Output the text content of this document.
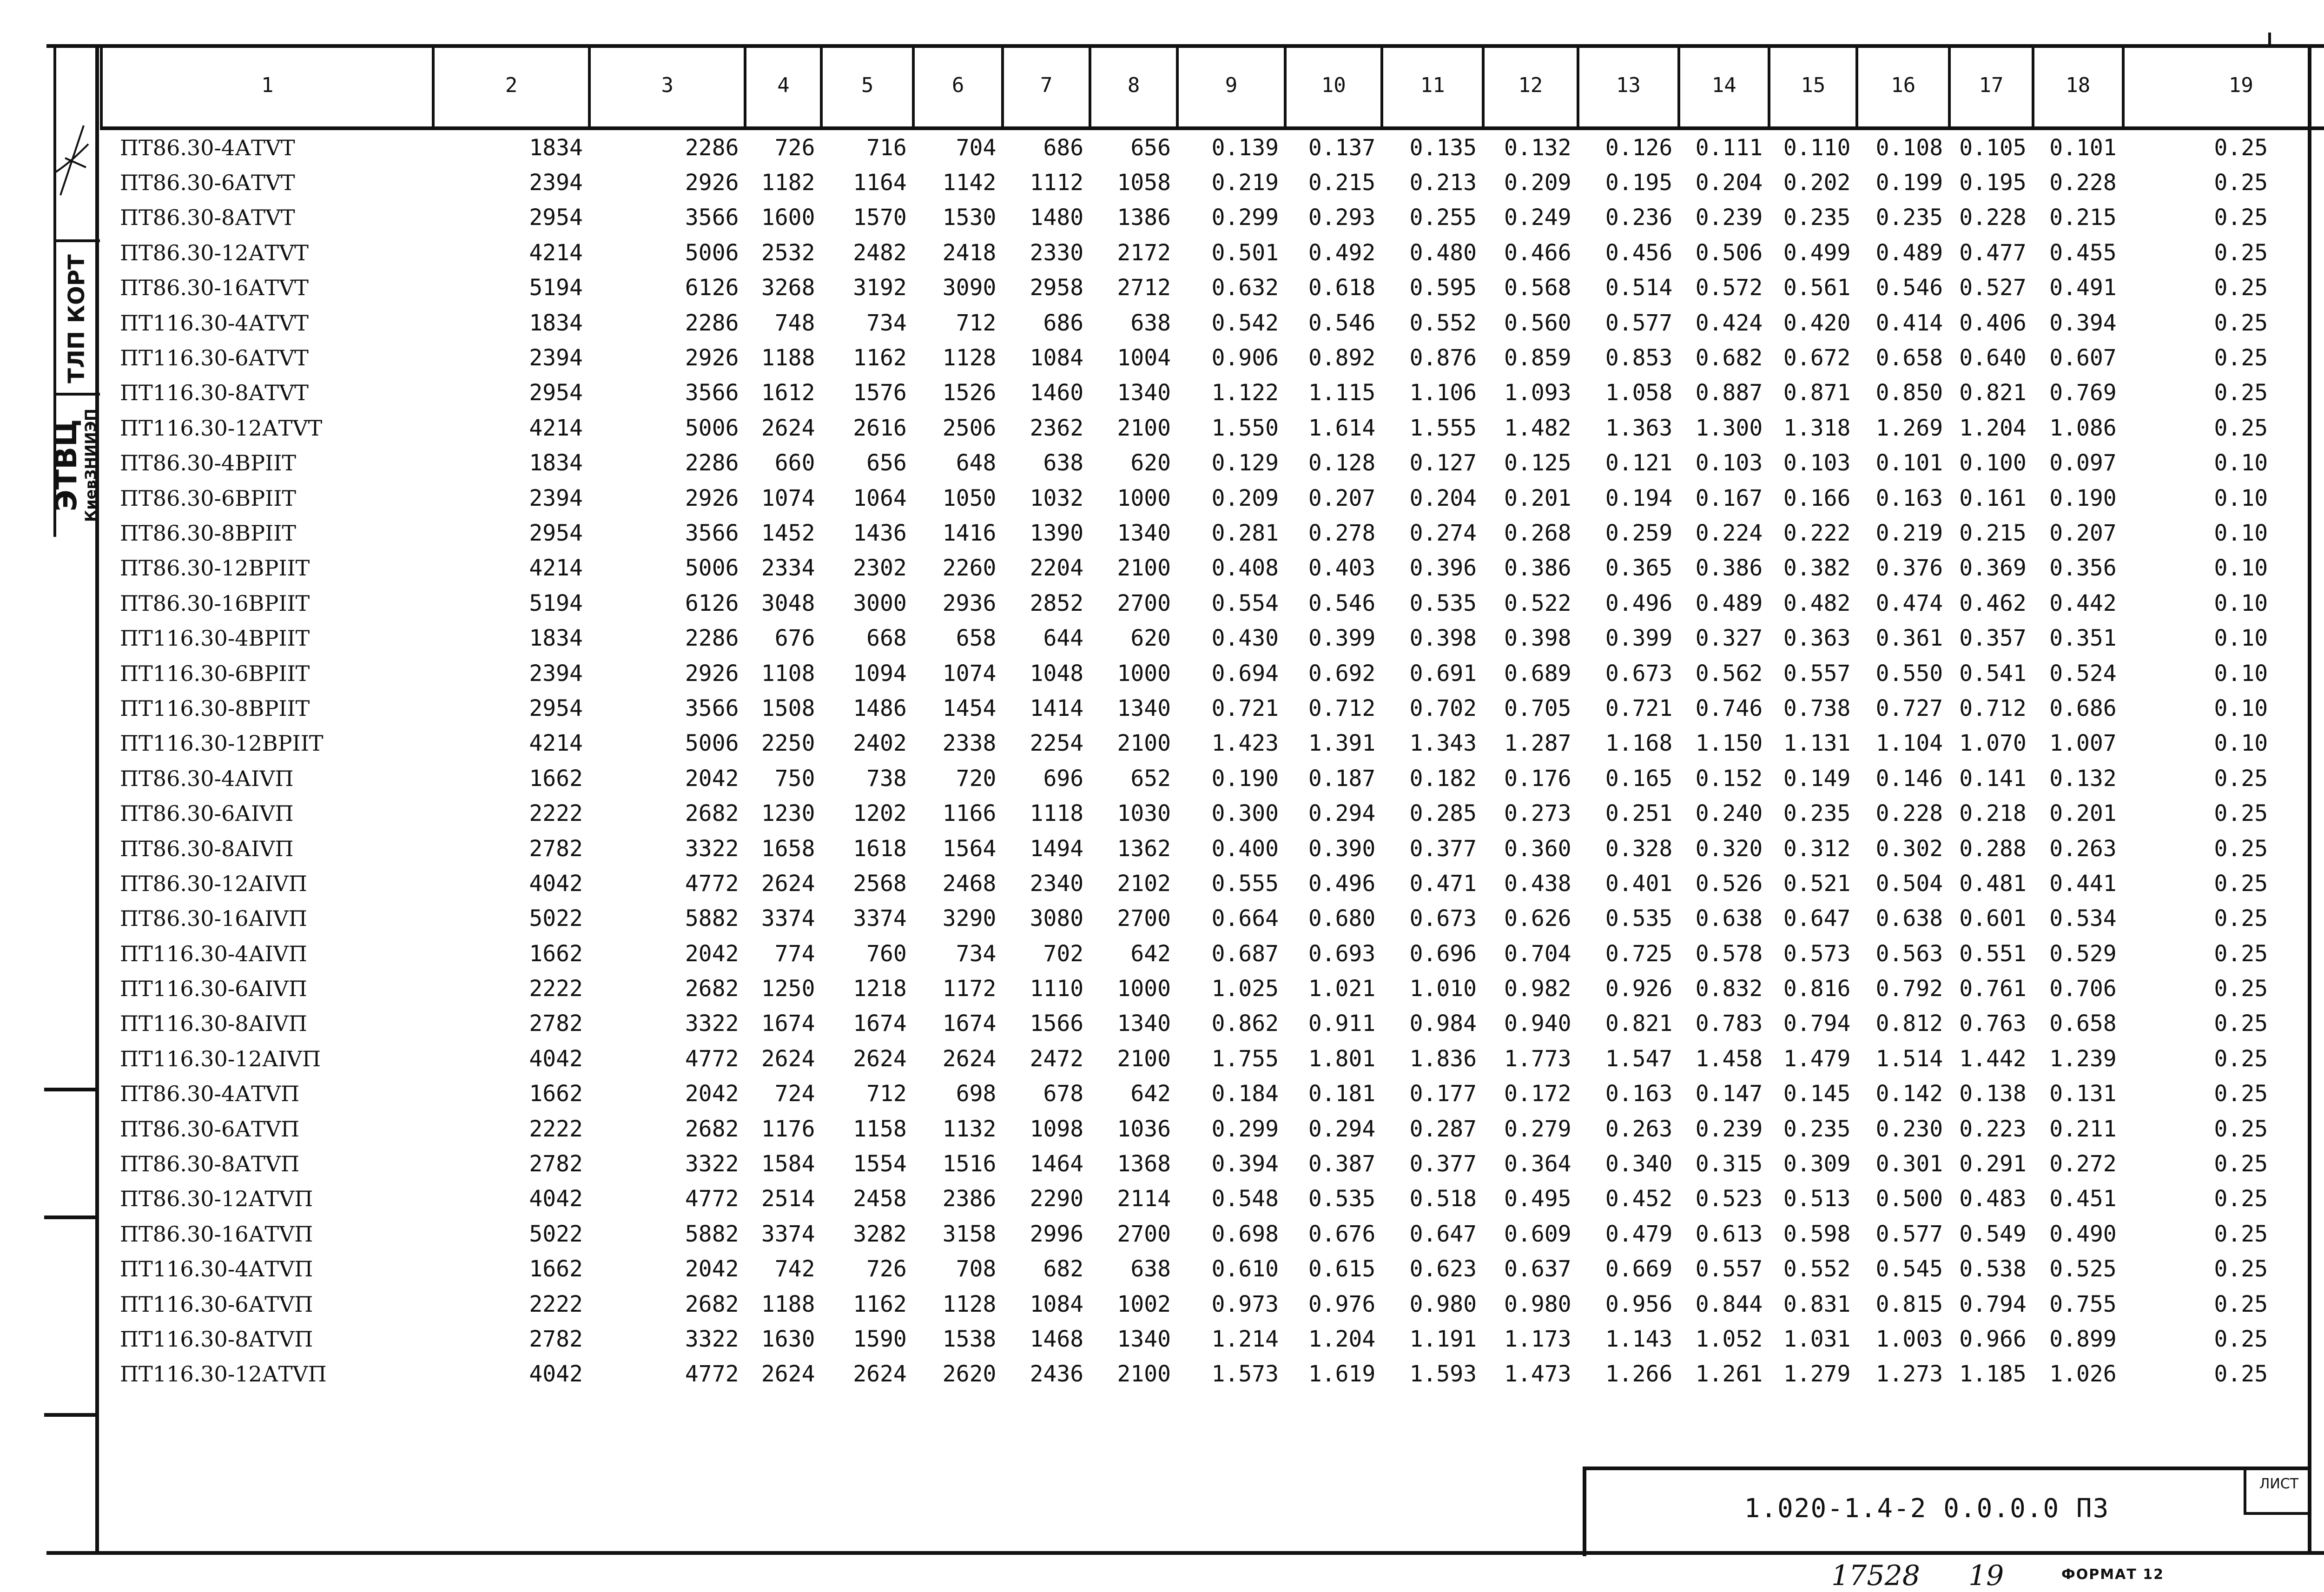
ТЛП КОРТ
ЭТВЦ
КиевЗНИИЭП
1	2	3	4	5	6	7	8	9	10	11	12	13	14	15	16	17	18	19
ПТ86.30-4АТVТ	1834	2286	726	716	704	686	656	0.139	0.137	0.135	0.132	0.126	0.111	0.110	0.108	0.105	0.101	0.25
ПТ86.30-6АТVТ	2394	2926	1182	1164	1142	1112	1058	0.219	0.215	0.213	0.209	0.195	0.204	0.202	0.199	0.195	0.228	0.25
ПТ86.30-8АТVТ	2954	3566	1600	1570	1530	1480	1386	0.299	0.293	0.255	0.249	0.236	0.239	0.235	0.235	0.228	0.215	0.25
ПТ86.30-12АТVТ	4214	5006	2532	2482	2418	2330	2172	0.501	0.492	0.480	0.466	0.456	0.506	0.499	0.489	0.477	0.455	0.25
ПТ86.30-16АТVТ	5194	6126	3268	3192	3090	2958	2712	0.632	0.618	0.595	0.568	0.514	0.572	0.561	0.546	0.527	0.491	0.25
ПТ116.30-4АТVТ	1834	2286	748	734	712	686	638	0.542	0.546	0.552	0.560	0.577	0.424	0.420	0.414	0.406	0.394	0.25
ПТ116.30-6АТVТ	2394	2926	1188	1162	1128	1084	1004	0.906	0.892	0.876	0.859	0.853	0.682	0.672	0.658	0.640	0.607	0.25
ПТ116.30-8АТVТ	2954	3566	1612	1576	1526	1460	1340	1.122	1.115	1.106	1.093	1.058	0.887	0.871	0.850	0.821	0.769	0.25
ПТ116.30-12АТVТ	4214	5006	2624	2616	2506	2362	2100	1.550	1.614	1.555	1.482	1.363	1.300	1.318	1.269	1.204	1.086	0.25
ПТ86.30-4ВРIIТ	1834	2286	660	656	648	638	620	0.129	0.128	0.127	0.125	0.121	0.103	0.103	0.101	0.100	0.097	0.10
ПТ86.30-6ВРIIТ	2394	2926	1074	1064	1050	1032	1000	0.209	0.207	0.204	0.201	0.194	0.167	0.166	0.163	0.161	0.190	0.10
ПТ86.30-8ВРIIТ	2954	3566	1452	1436	1416	1390	1340	0.281	0.278	0.274	0.268	0.259	0.224	0.222	0.219	0.215	0.207	0.10
ПТ86.30-12ВРIIТ	4214	5006	2334	2302	2260	2204	2100	0.408	0.403	0.396	0.386	0.365	0.386	0.382	0.376	0.369	0.356	0.10
ПТ86.30-16ВРIIТ	5194	6126	3048	3000	2936	2852	2700	0.554	0.546	0.535	0.522	0.496	0.489	0.482	0.474	0.462	0.442	0.10
ПТ116.30-4ВРIIТ	1834	2286	676	668	658	644	620	0.430	0.399	0.398	0.398	0.399	0.327	0.363	0.361	0.357	0.351	0.10
ПТ116.30-6ВРIIТ	2394	2926	1108	1094	1074	1048	1000	0.694	0.692	0.691	0.689	0.673	0.562	0.557	0.550	0.541	0.524	0.10
ПТ116.30-8ВРIIТ	2954	3566	1508	1486	1454	1414	1340	0.721	0.712	0.702	0.705	0.721	0.746	0.738	0.727	0.712	0.686	0.10
ПТ116.30-12ВРIIТ	4214	5006	2250	2402	2338	2254	2100	1.423	1.391	1.343	1.287	1.168	1.150	1.131	1.104	1.070	1.007	0.10
ПТ86.30-4АIVП	1662	2042	750	738	720	696	652	0.190	0.187	0.182	0.176	0.165	0.152	0.149	0.146	0.141	0.132	0.25
ПТ86.30-6АIVП	2222	2682	1230	1202	1166	1118	1030	0.300	0.294	0.285	0.273	0.251	0.240	0.235	0.228	0.218	0.201	0.25
ПТ86.30-8АIVП	2782	3322	1658	1618	1564	1494	1362	0.400	0.390	0.377	0.360	0.328	0.320	0.312	0.302	0.288	0.263	0.25
ПТ86.30-12АIVП	4042	4772	2624	2568	2468	2340	2102	0.555	0.496	0.471	0.438	0.401	0.526	0.521	0.504	0.481	0.441	0.25
ПТ86.30-16АIVП	5022	5882	3374	3374	3290	3080	2700	0.664	0.680	0.673	0.626	0.535	0.638	0.647	0.638	0.601	0.534	0.25
ПТ116.30-4АIVП	1662	2042	774	760	734	702	642	0.687	0.693	0.696	0.704	0.725	0.578	0.573	0.563	0.551	0.529	0.25
ПТ116.30-6АIVП	2222	2682	1250	1218	1172	1110	1000	1.025	1.021	1.010	0.982	0.926	0.832	0.816	0.792	0.761	0.706	0.25
ПТ116.30-8АIVП	2782	3322	1674	1674	1674	1566	1340	0.862	0.911	0.984	0.940	0.821	0.783	0.794	0.812	0.763	0.658	0.25
ПТ116.30-12АIVП	4042	4772	2624	2624	2624	2472	2100	1.755	1.801	1.836	1.773	1.547	1.458	1.479	1.514	1.442	1.239	0.25
ПТ86.30-4АТVП	1662	2042	724	712	698	678	642	0.184	0.181	0.177	0.172	0.163	0.147	0.145	0.142	0.138	0.131	0.25
ПТ86.30-6АТVП	2222	2682	1176	1158	1132	1098	1036	0.299	0.294	0.287	0.279	0.263	0.239	0.235	0.230	0.223	0.211	0.25
ПТ86.30-8АТVП	2782	3322	1584	1554	1516	1464	1368	0.394	0.387	0.377	0.364	0.340	0.315	0.309	0.301	0.291	0.272	0.25
ПТ86.30-12АТVП	4042	4772	2514	2458	2386	2290	2114	0.548	0.535	0.518	0.495	0.452	0.523	0.513	0.500	0.483	0.451	0.25
ПТ86.30-16АТVП	5022	5882	3374	3282	3158	2996	2700	0.698	0.676	0.647	0.609	0.479	0.613	0.598	0.577	0.549	0.490	0.25
ПТ116.30-4АТVП	1662	2042	742	726	708	682	638	0.610	0.615	0.623	0.637	0.669	0.557	0.552	0.545	0.538	0.525	0.25
ПТ116.30-6АТVП	2222	2682	1188	1162	1128	1084	1002	0.973	0.976	0.980	0.980	0.956	0.844	0.831	0.815	0.794	0.755	0.25
ПТ116.30-8АТVП	2782	3322	1630	1590	1538	1468	1340	1.214	1.204	1.191	1.173	1.143	1.052	1.031	1.003	0.966	0.899	0.25
ПТ116.30-12АТVП	4042	4772	2624	2624	2620	2436	2100	1.573	1.619	1.593	1.473	1.266	1.261	1.279	1.273	1.185	1.026	0.25
1.020-1.4-2 0.0.0.0 ПЗ
ЛИСТ
17528 19	ФОРМАТ 12
